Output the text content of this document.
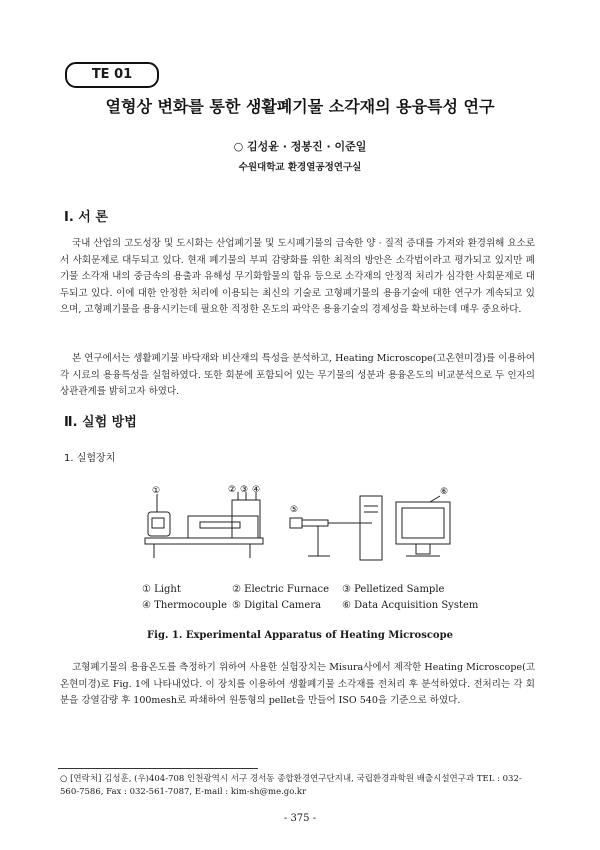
TE 01
열형상 변화를 통한 생활폐기물 소각재의 용융특성 연구
○ 김성윤 · 정봉진 · 이준일
수원대학교 환경열공정연구실
Ⅰ. 서 론
국내 산업의 고도성장 및 도시화는 산업폐기물 및 도시폐기물의 급속한 양 · 질적 증대를 가져와 환경위해 요소로서 사회문제로 대두되고 있다. 현재 폐기물의 부피 감량화를 위한 최적의 방안은 소각법이라고 평가되고 있지만 폐기물 소각재 내의 중금속의 용출과 유해성 무기화합물의 함유 등으로 소각재의 안정적 처리가 심각한 사회문제로 대두되고 있다. 이에 대한 안정한 처리에 이용되는 최신의 기술로 고형폐기물의 용융기술에 대한 연구가 계속되고 있으며, 고형폐기물을 용융시키는데 필요한 적정한 온도의 파악은 용융기술의 경제성을 확보하는데 매우 중요하다.
본 연구에서는 생활폐기물 바닥재와 비산재의 특성을 분석하고, Heating Microscope(고온현미경)를 이용하여 각 시료의 용융특성을 실험하였다. 또한 회분에 포함되어 있는 무기물의 성분과 용융온도의 비교분석으로 두 인자의 상관관계를 밝히고자 하였다.
Ⅱ. 실험 방법
1. 실험장치
①	② ③ ④
⑤
⑥
① Light	② Electric Furnace ③ Pelletized Sample
④ Thermocouple ⑤ Digital Camera ⑥ Data Acquisition System
Fig. 1. Experimental Apparatus of Heating Microscope
고형폐기물의 용융온도를 측정하기 위하여 사용한 실험장치는 Misura사에서 제작한 Heating Microscope(고온현미경)로 Fig. 1에 나타내었다. 이 장치를 이용하여 생활폐기물 소각재를 전처리 후 분석하였다. 전처리는 각 회분을 강열감량 후 100mesh로 파쇄하여 원통형의 pellet을 만들어 ISO 540을 기준으로 하였다.
○ [연락처] 김성훈, (우)404-708 인천광역시 서구 경서동 종합환경연구단지내, 국립환경과학원 배출시설연구과 TEL : 032-560-7586, Fax : 032-561-7087, E-mail : kim-sh@me.go.kr
- 375 -
